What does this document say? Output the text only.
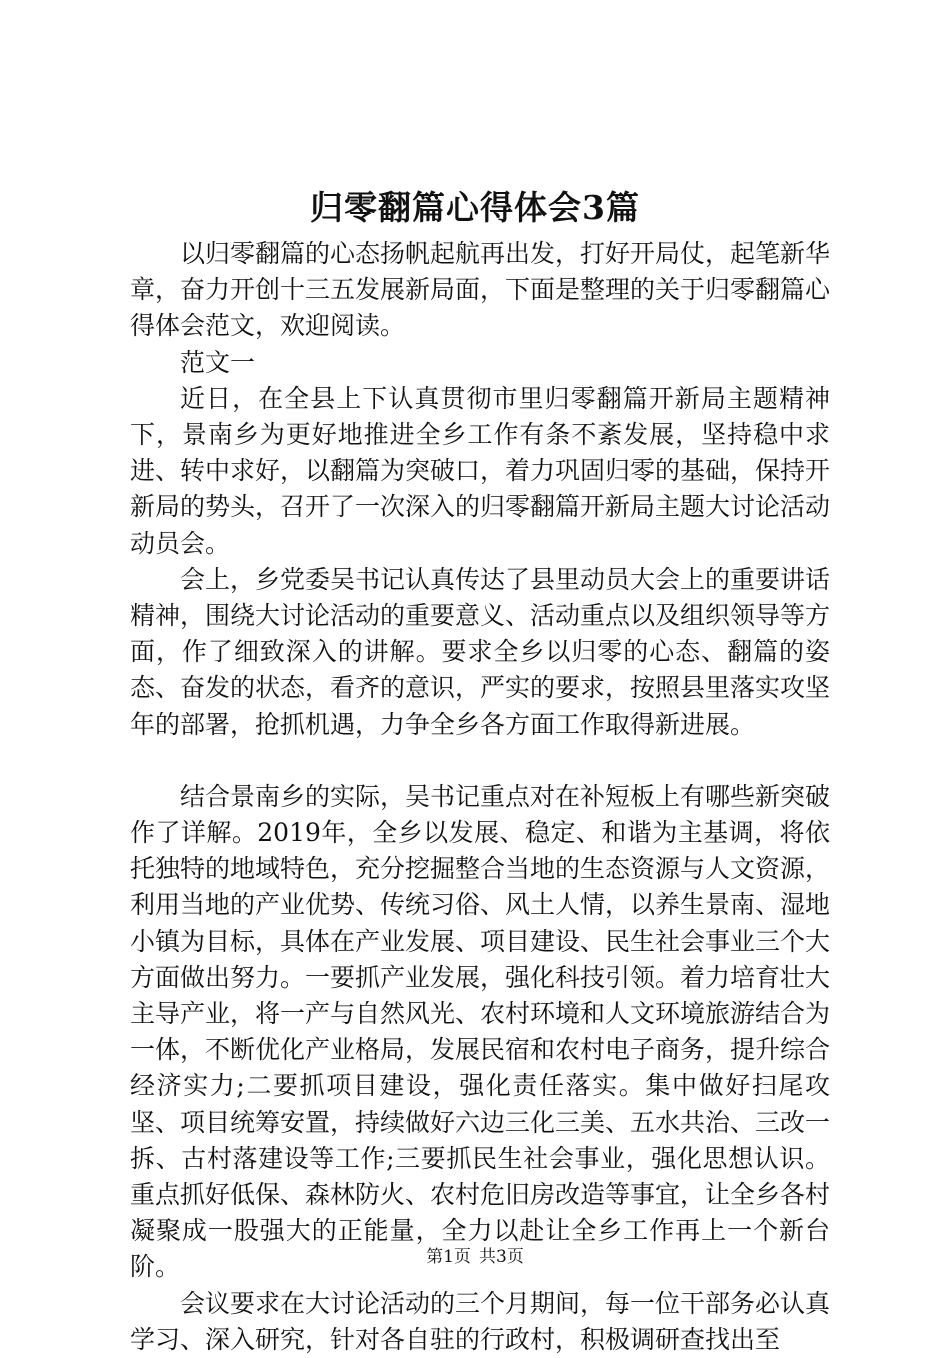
归零翻篇心得体会3篇

以归零翻篇的心态扬帆起航再出发，打好开局仗，起笔新华章，奋力开创十三五发展新局面，下面是整理的关于归零翻篇心得体会范文，欢迎阅读。

范文一

近日，在全县上下认真贯彻市里归零翻篇开新局主题精神下，景南乡为更好地推进全乡工作有条不紊发展，坚持稳中求进、转中求好，以翻篇为突破口，着力巩固归零的基础，保持开新局的势头，召开了一次深入的归零翻篇开新局主题大讨论活动动员会。

会上，乡党委吴书记认真传达了县里动员大会上的重要讲话精神，围绕大讨论活动的重要意义、活动重点以及组织领导等方面，作了细致深入的讲解。要求全乡以归零的心态、翻篇的姿态、奋发的状态，看齐的意识，严实的要求，按照县里落实攻坚年的部署，抢抓机遇，力争全乡各方面工作取得新进展。

结合景南乡的实际，吴书记重点对在补短板上有哪些新突破作了详解。2019年，全乡以发展、稳定、和谐为主基调，将依托独特的地域特色，充分挖掘整合当地的生态资源与人文资源，利用当地的产业优势、传统习俗、风土人情，以养生景南、湿地小镇为目标，具体在产业发展、项目建设、民生社会事业三个大方面做出努力。一要抓产业发展，强化科技引领。着力培育壮大主导产业，将一产与自然风光、农村环境和人文环境旅游结合为一体，不断优化产业格局，发展民宿和农村电子商务，提升综合经济实力;二要抓项目建设，强化责任落实。集中做好扫尾攻坚、项目统筹安置，持续做好六边三化三美、五水共治、三改一拆、古村落建设等工作;三要抓民生社会事业，强化思想认识。重点抓好低保、森林防火、农村危旧房改造等事宜，让全乡各村凝聚成一股强大的正能量，全力以赴让全乡工作再上一个新台阶。

会议要求在大讨论活动的三个月期间，每一位干部务必认真学习、深入研究，针对各自驻的行政村，积极调研查找出至

第1页 共3页
